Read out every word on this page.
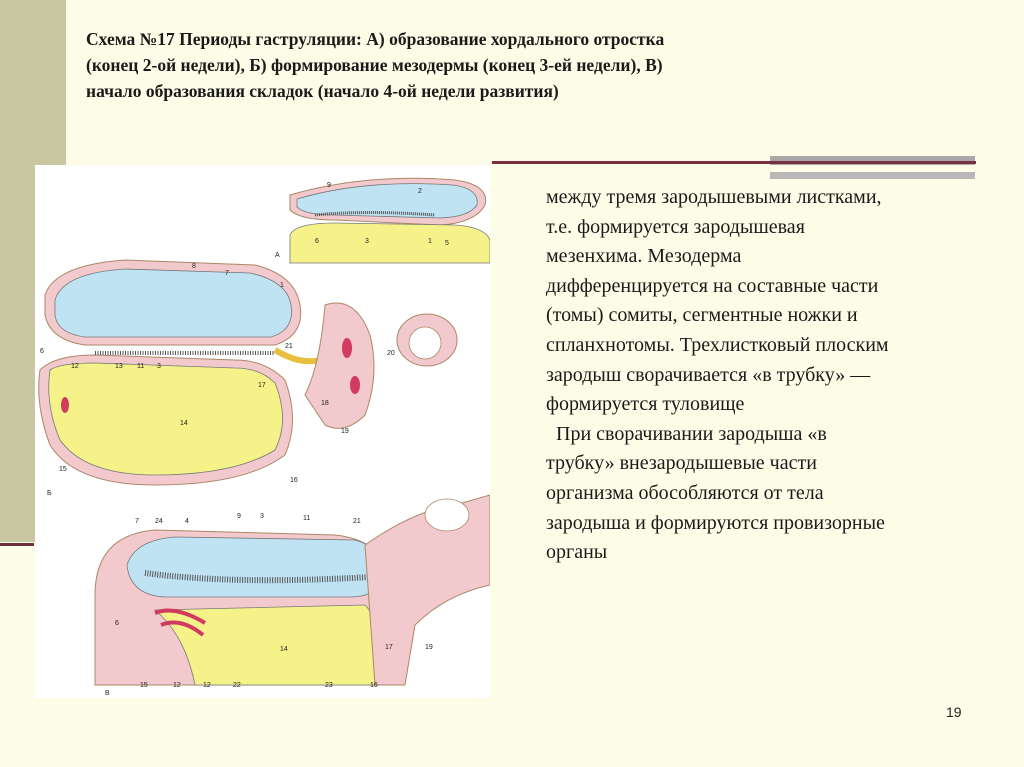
Схема №17 Периоды гаструляции: А) образование хордального отростка
(конец 2-ой недели), Б) формирование мезодермы (конец 3-ей недели), В)
начало образования складок (начало 4-ой недели развития)
9
2
6	3	1 5
А
8
7
1
6
12	13 11 3
21
17
20
18
14
19
15
16
Б
7 24	4
9	3	11	21
6
17	19
14
15	12	12	22	23	16
В
между тремя зародышевыми листками,
т.е. формируется зародышевая
мезенхима. Мезодерма
дифференцируется на составные части
(томы) сомиты, сегментные ножки и
спланхнотомы. Трехлистковый плоским
зародыш сворачивается «в трубку» —
формируется туловище
При сворачивании зародыша «в
трубку» внезародышевые части
организма обособляются от тела
зародыша и формируются провизорные
органы
19
